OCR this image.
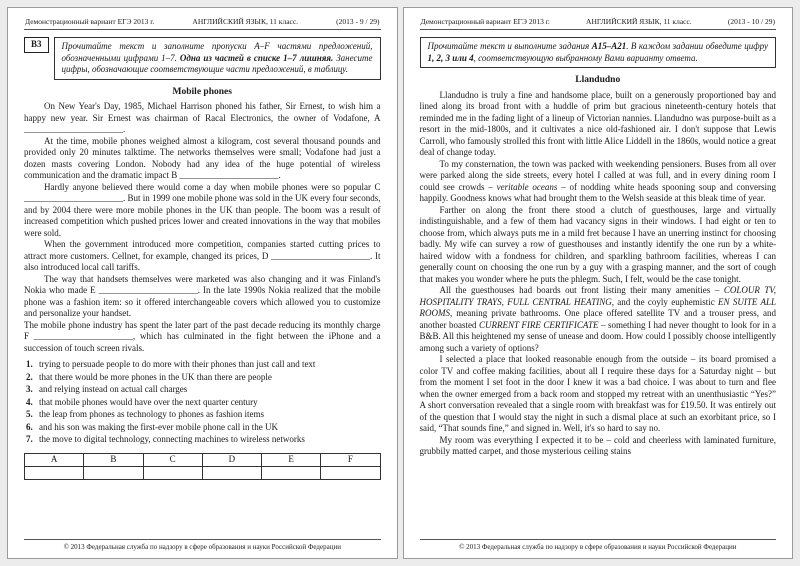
Демонстрационный вариант ЕГЭ 2013 г.	АНГЛИЙСКИЙ ЯЗЫК, 11 класс.	(2013 - 9 / 29)
В3	Прочитайте текст и заполните пропуски A–F частями предложений, обозначенными цифрами 1–7. Одна из частей в списке 1–7 лишняя. Занесите цифры, обозначающие соответствующие части предложений, в таблицу.
Mobile phones

On New Year's Day, 1985, Michael Harrison phoned his father, Sir Ernest, to wish him a happy new year. Sir Ernest was chairman of Racal Electronics, the owner of Vodafone, A ______________________.

At the time, mobile phones weighed almost a kilogram, cost several thousand pounds and provided only 20 minutes talktime. The networks themselves were small; Vodafone had just a dozen masts covering London. Nobody had any idea of the huge potential of wireless communication and the dramatic impact B ______________________.

Hardly anyone believed there would come a day when mobile phones were so popular C ______________________. But in 1999 one mobile phone was sold in the UK every four seconds, and by 2004 there were more mobile phones in the UK than people. The boom was a result of increased competition which pushed prices lower and created innovations in the way that mobiles were sold.

When the government introduced more competition, companies started cutting prices to attract more customers. Cellnet, for example, changed its prices, D ______________________. It also introduced local call tariffs.

The way that handsets themselves were marketed was also changing and it was Finland's Nokia who made E ______________________. In the late 1990s Nokia realized that the mobile phone was a fashion item: so it offered interchangeable covers which allowed you to customize and personalize your handset.

The mobile phone industry has spent the later part of the past decade reducing its monthly charge F ______________________, which has culminated in the fight between the iPhone and a succession of touch screen rivals.

1. trying to persuade people to do more with their phones than just call and text
2. that there would be more phones in the UK than there are people
3. and relying instead on actual call charges
4. that mobile phones would have over the next quarter century
5. the leap from phones as technology to phones as fashion items
6. and his son was making the first-ever mobile phone call in the UK
7. the move to digital technology, connecting machines to wireless networks
A	B	C	D	E	F

© 2013 Федеральная служба по надзору в сфере образования и науки Российской Федерации
Демонстрационный вариант ЕГЭ 2013 г.	АНГЛИЙСКИЙ ЯЗЫК, 11 класс.	(2013 - 10 / 29)
Прочитайте текст и выполните задания А15–А21. В каждом задании обведите цифру 1, 2, 3 или 4, соответствующую выбранному Вами варианту ответа.
Llandudno

Llandudno is truly a fine and handsome place, built on a generously proportioned bay and lined along its broad front with a huddle of prim but gracious nineteenth-century hotels that reminded me in the fading light of a lineup of Victorian nannies. Llandudno was purpose-built as a resort in the mid-1800s, and it cultivates a nice old-fashioned air. I don't suppose that Lewis Carroll, who famously strolled this front with little Alice Liddell in the 1860s, would notice a great deal of change today.

To my consternation, the town was packed with weekending pensioners. Buses from all over were parked along the side streets, every hotel I called at was full, and in every dining room I could see crowds – veritable oceans – of nodding white heads spooning soup and conversing happily. Goodness knows what had brought them to the Welsh seaside at this bleak time of year.

Farther on along the front there stood a clutch of guesthouses, large and virtually indistinguishable, and a few of them had vacancy signs in their windows. I had eight or ten to choose from, which always puts me in a mild fret because I have an unerring instinct for choosing badly. My wife can survey a row of guesthouses and instantly identify the one run by a white-haired widow with a fondness for children, and sparkling bathroom facilities, whereas I can generally count on choosing the one run by a guy with a grasping manner, and the sort of cough that makes you wonder where he puts the phlegm. Such, I felt, would be the case tonight.

All the guesthouses had boards out front listing their many amenities – COLOUR TV, HOSPITALITY TRAYS, FULL CENTRAL HEATING, and the coyly euphemistic EN SUITE ALL ROOMS, meaning private bathrooms. One place offered satellite TV and a trouser press, and another boasted CURRENT FIRE CERTIFICATE – something I had never thought to look for in a B&B. All this heightened my sense of unease and doom. How could I possibly choose intelligently among such a variety of options?

I selected a place that looked reasonable enough from the outside – its board promised a color TV and coffee making facilities, about all I require these days for a Saturday night – but from the moment I set foot in the door I knew it was a bad choice. I was about to turn and flee when the owner emerged from a back room and stopped my retreat with an unenthusiastic “Yes?” A short conversation revealed that a single room with breakfast was for £19.50. It was entirely out of the question that I would stay the night in such a dismal place at such an exorbitant price, so I said, “That sounds fine,” and signed in. Well, it's so hard to say no.

My room was everything I expected it to be – cold and cheerless with laminated furniture, grubbily matted carpet, and those mysterious ceiling stains

© 2013 Федеральная служба по надзору в сфере образования и науки Российской Федерации
